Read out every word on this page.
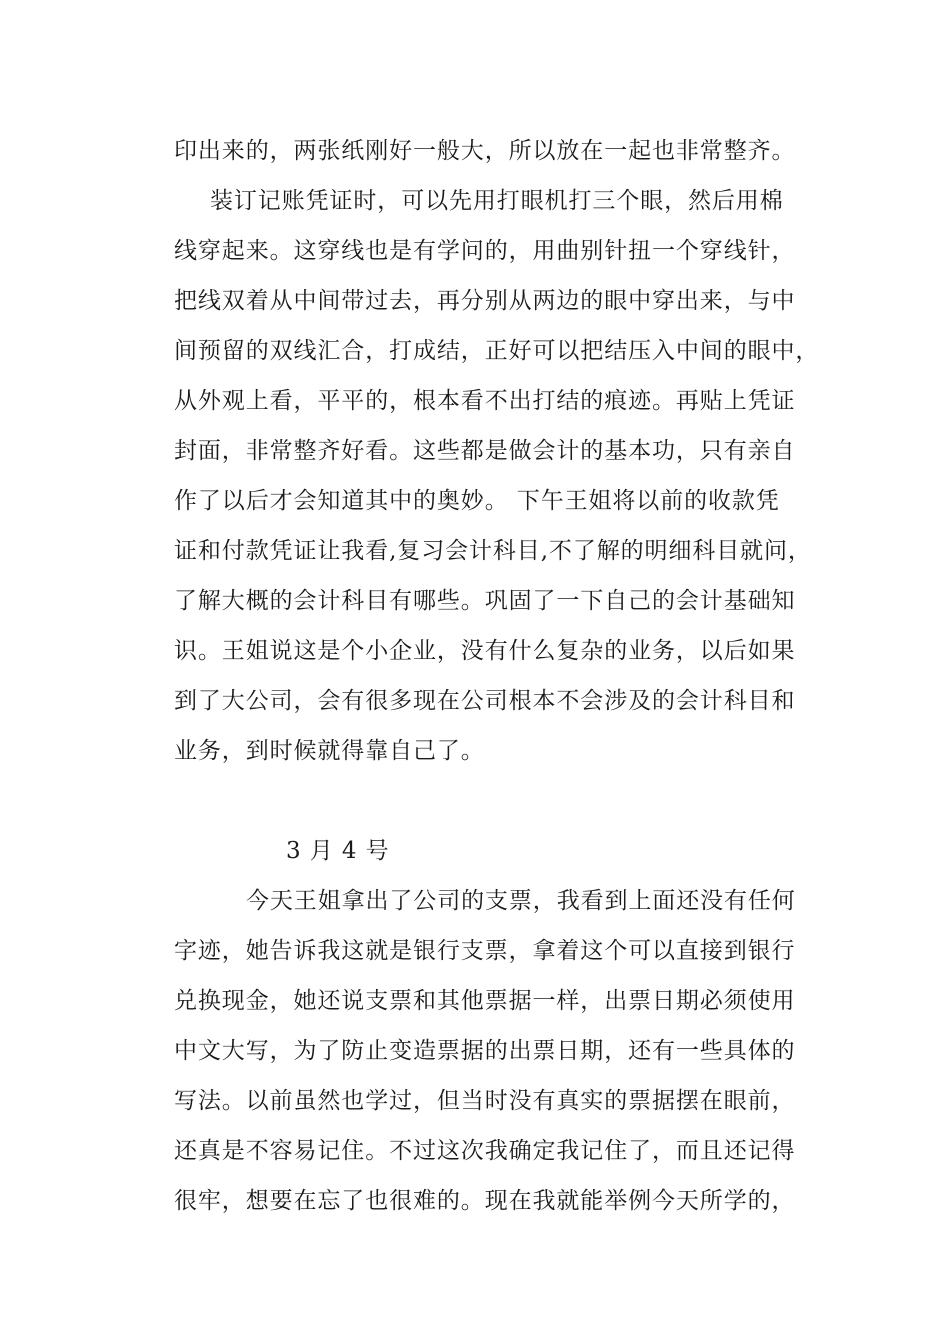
印出来的，两张纸刚好一般大，所以放在一起也非常整齐。
装订记账凭证时，可以先用打眼机打三个眼，然后用棉
线穿起来。这穿线也是有学问的，用曲别针扭一个穿线针，
把线双着从中间带过去，再分别从两边的眼中穿出来，与中
间预留的双线汇合，打成结，正好可以把结压入中间的眼中，
从外观上看，平平的，根本看不出打结的痕迹。再贴上凭证
封面，非常整齐好看。这些都是做会计的基本功，只有亲自
作了以后才会知道其中的奥妙。 下午王姐将以前的收款凭
证和付款凭证让我看,复习会计科目,不了解的明细科目就问，
了解大概的会计科目有哪些。巩固了一下自己的会计基础知
识。王姐说这是个小企业，没有什么复杂的业务，以后如果
到了大公司，会有很多现在公司根本不会涉及的会计科目和
业务，到时候就得靠自己了。
3 月 4 号
今天王姐拿出了公司的支票，我看到上面还没有任何
字迹，她告诉我这就是银行支票，拿着这个可以直接到银行
兑换现金，她还说支票和其他票据一样，出票日期必须使用
中文大写，为了防止变造票据的出票日期，还有一些具体的
写法。以前虽然也学过，但当时没有真实的票据摆在眼前，
还真是不容易记住。不过这次我确定我记住了，而且还记得
很牢，想要在忘了也很难的。现在我就能举例今天所学的，
